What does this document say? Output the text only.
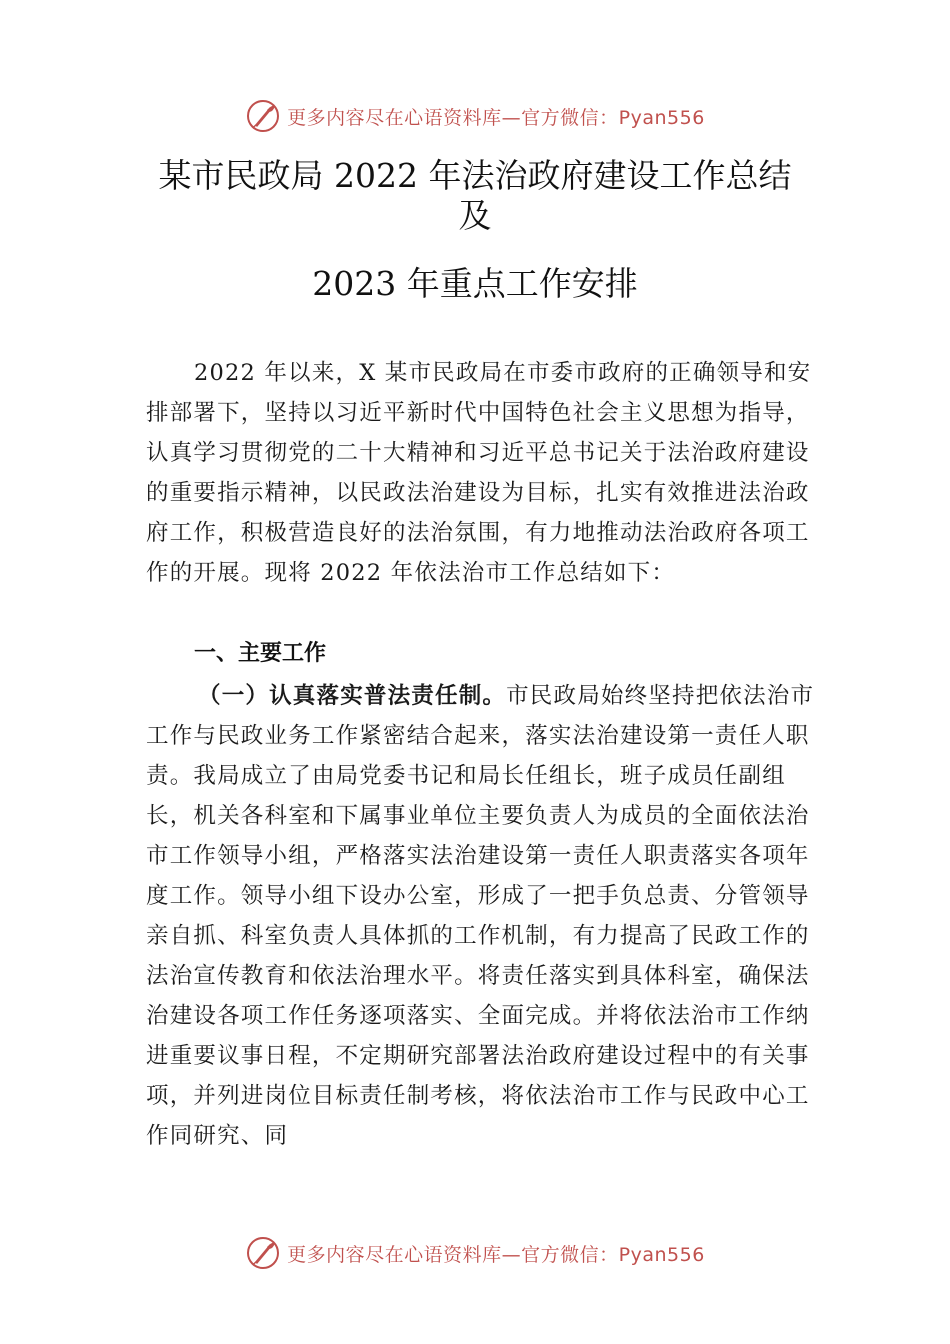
更多内容尽在心语资料库—官方微信：Pyan556
某市民政局 2022 年法治政府建设工作总结
及
2023 年重点工作安排

2022 年以来，X 某市民政局在市委市政府的正确领导和安排部署下，坚持以习近平新时代中国特色社会主义思想为指导，认真学习贯彻党的二十大精神和习近平总书记关于法治政府建设的重要指示精神，以民政法治建设为目标，扎实有效推进法治政府工作，积极营造良好的法治氛围，有力地推动法治政府各项工作的开展。现将 2022 年依法治市工作总结如下：

一、主要工作

（一）认真落实普法责任制。市民政局始终坚持把依法治市工作与民政业务工作紧密结合起来，落实法治建设第一责任人职责。我局成立了由局党委书记和局长任组长，班子成员任副组长，机关各科室和下属事业单位主要负责人为成员的全面依法治市工作领导小组，严格落实法治建设第一责任人职责落实各项年度工作。领导小组下设办公室，形成了一把手负总责、分管领导亲自抓、科室负责人具体抓的工作机制，有力提高了民政工作的法治宣传教育和依法治理水平。将责任落实到具体科室，确保法治建设各项工作任务逐项落实、全面完成。并将依法治市工作纳进重要议事日程，不定期研究部署法治政府建设过程中的有关事项，并列进岗位目标责任制考核，将依法治市工作与民政中心工作同研究、同

更多内容尽在心语资料库—官方微信：Pyan556
